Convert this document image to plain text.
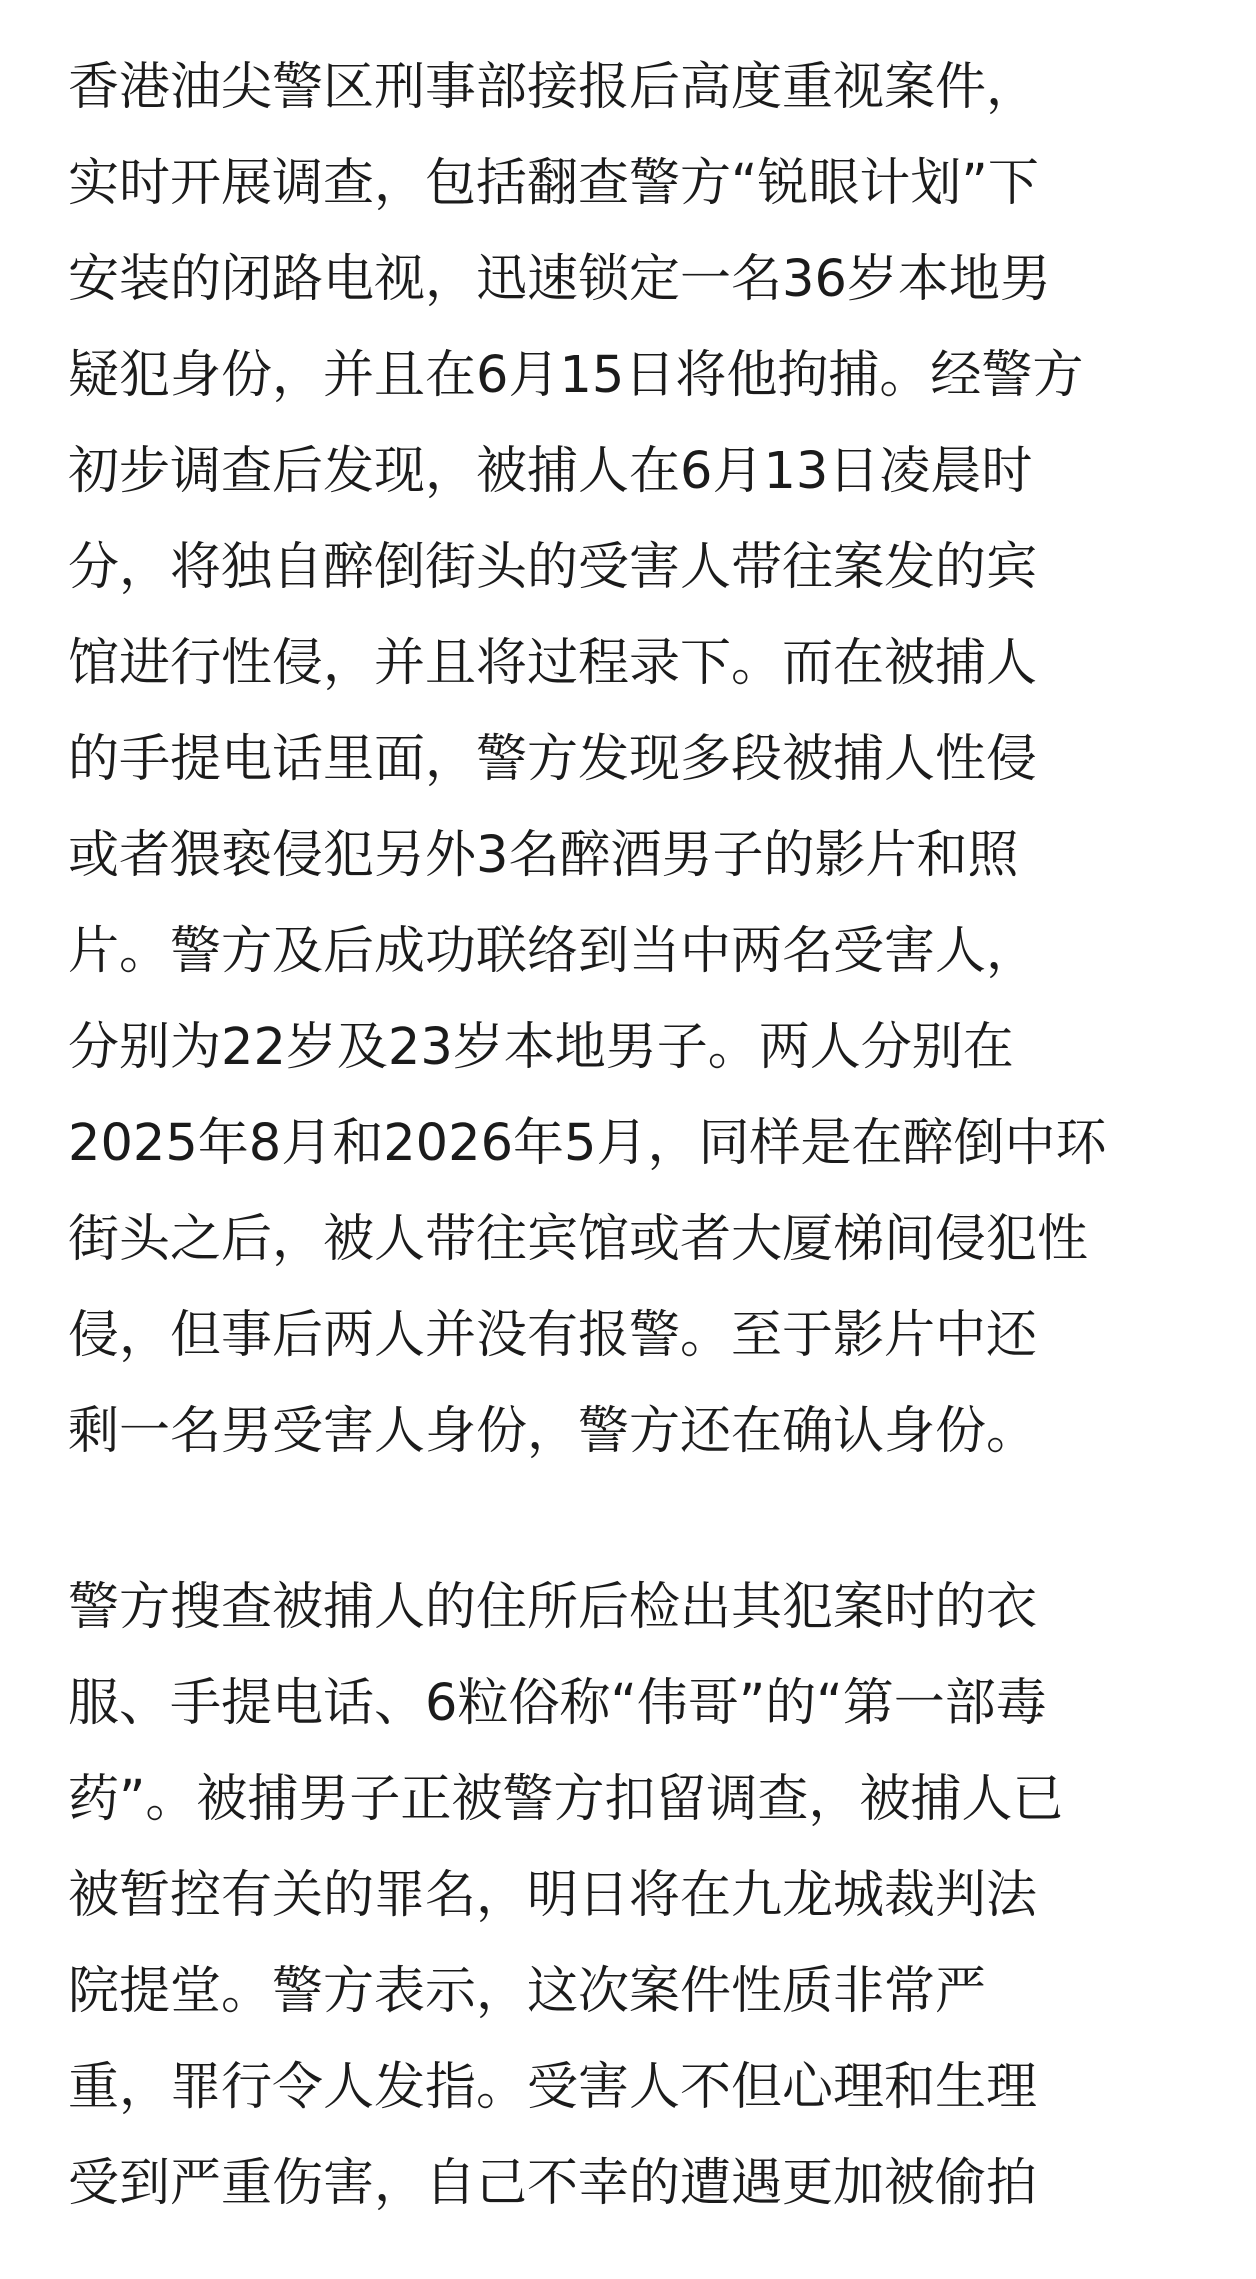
香港油尖警区刑事部接报后高度重视案件，
实时开展调查，包括翻查警方“锐眼计划”下
安装的闭路电视，迅速锁定一名36岁本地男
疑犯身份，并且在6月15日将他拘捕。经警方
初步调查后发现，被捕人在6月13日凌晨时
分，将独自醉倒街头的受害人带往案发的宾
馆进行性侵，并且将过程录下。而在被捕人
的手提电话里面，警方发现多段被捕人性侵
或者猥亵侵犯另外3名醉酒男子的影片和照
片。警方及后成功联络到当中两名受害人，
分别为22岁及23岁本地男子。两人分别在
2025年8月和2026年5月，同样是在醉倒中环
街头之后，被人带往宾馆或者大厦梯间侵犯性
侵，但事后两人并没有报警。至于影片中还
剩一名男受害人身份，警方还在确认身份。
警方搜查被捕人的住所后检出其犯案时的衣
服、手提电话、6粒俗称“伟哥”的“第一部毒
药”。被捕男子正被警方扣留调查，被捕人已
被暂控有关的罪名，明日将在九龙城裁判法
院提堂。警方表示，这次案件性质非常严
重，罪行令人发指。受害人不但心理和生理
受到严重伤害，自己不幸的遭遇更加被偷拍
